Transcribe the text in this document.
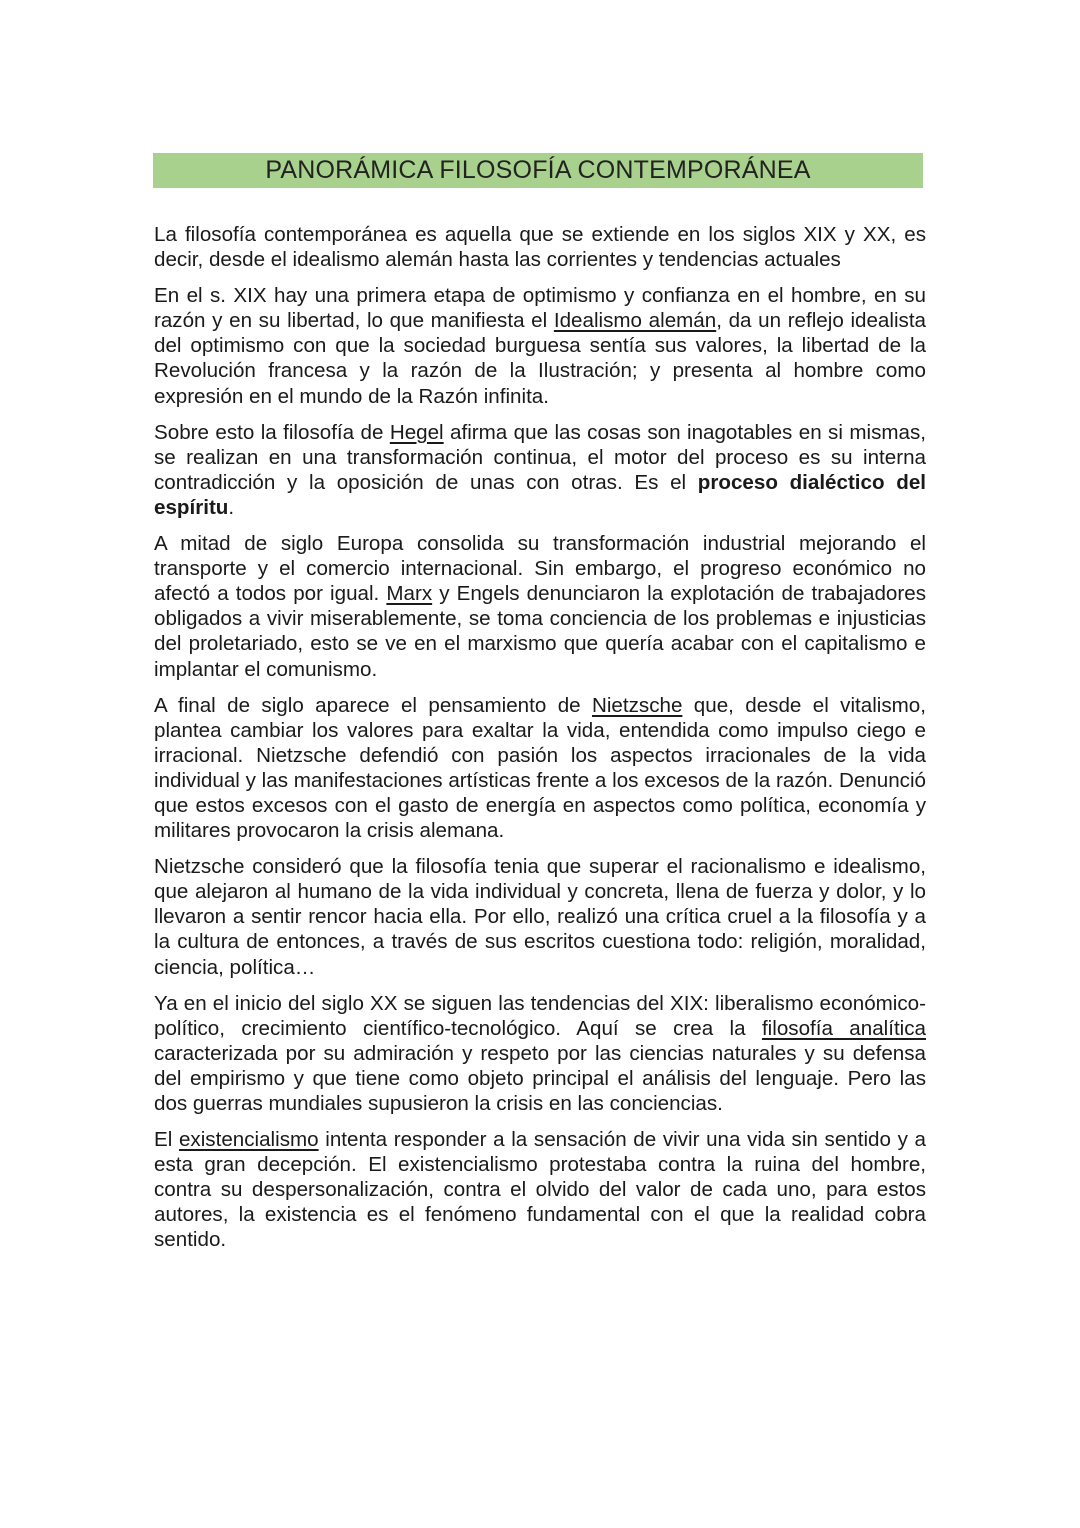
PANORÁMICA FILOSOFÍA CONTEMPORÁNEA

La filosofía contemporánea es aquella que se extiende en los siglos XIX y XX, es decir, desde el idealismo alemán hasta las corrientes y tendencias actuales

En el s. XIX hay una primera etapa de optimismo y confianza en el hombre, en su razón y en su libertad, lo que manifiesta el Idealismo alemán, da un reflejo idealista del optimismo con que la sociedad burguesa sentía sus valores, la libertad de la Revolución francesa y la razón de la Ilustración; y presenta al hombre como expresión en el mundo de la Razón infinita.

Sobre esto la filosofía de Hegel afirma que las cosas son inagotables en si mismas, se realizan en una transformación continua, el motor del proceso es su interna contradicción y la oposición de unas con otras. Es el proceso dialéctico del espíritu.

A mitad de siglo Europa consolida su transformación industrial mejorando el transporte y el comercio internacional. Sin embargo, el progreso económico no afectó a todos por igual. Marx y Engels denunciaron la explotación de trabajadores obligados a vivir miserablemente, se toma conciencia de los problemas e injusticias del proletariado, esto se ve en el marxismo que quería acabar con el capitalismo e implantar el comunismo.

A final de siglo aparece el pensamiento de Nietzsche que, desde el vitalismo, plantea cambiar los valores para exaltar la vida, entendida como impulso ciego e irracional. Nietzsche defendió con pasión los aspectos irracionales de la vida individual y las manifestaciones artísticas frente a los excesos de la razón. Denunció que estos excesos con el gasto de energía en aspectos como política, economía y militares provocaron la crisis alemana.

Nietzsche consideró que la filosofía tenia que superar el racionalismo e idealismo, que alejaron al humano de la vida individual y concreta, llena de fuerza y dolor, y lo llevaron a sentir rencor hacia ella. Por ello, realizó una crítica cruel a la filosofía y a la cultura de entonces, a través de sus escritos cuestiona todo: religión, moralidad, ciencia, política…

Ya en el inicio del siglo XX se siguen las tendencias del XIX: liberalismo económico-político, crecimiento científico-tecnológico. Aquí se crea la filosofía analítica caracterizada por su admiración y respeto por las ciencias naturales y su defensa del empirismo y que tiene como objeto principal el análisis del lenguaje. Pero las dos guerras mundiales supusieron la crisis en las conciencias.

El existencialismo intenta responder a la sensación de vivir una vida sin sentido y a esta gran decepción. El existencialismo protestaba contra la ruina del hombre, contra su despersonalización, contra el olvido del valor de cada uno, para estos autores, la existencia es el fenómeno fundamental con el que la realidad cobra sentido.
